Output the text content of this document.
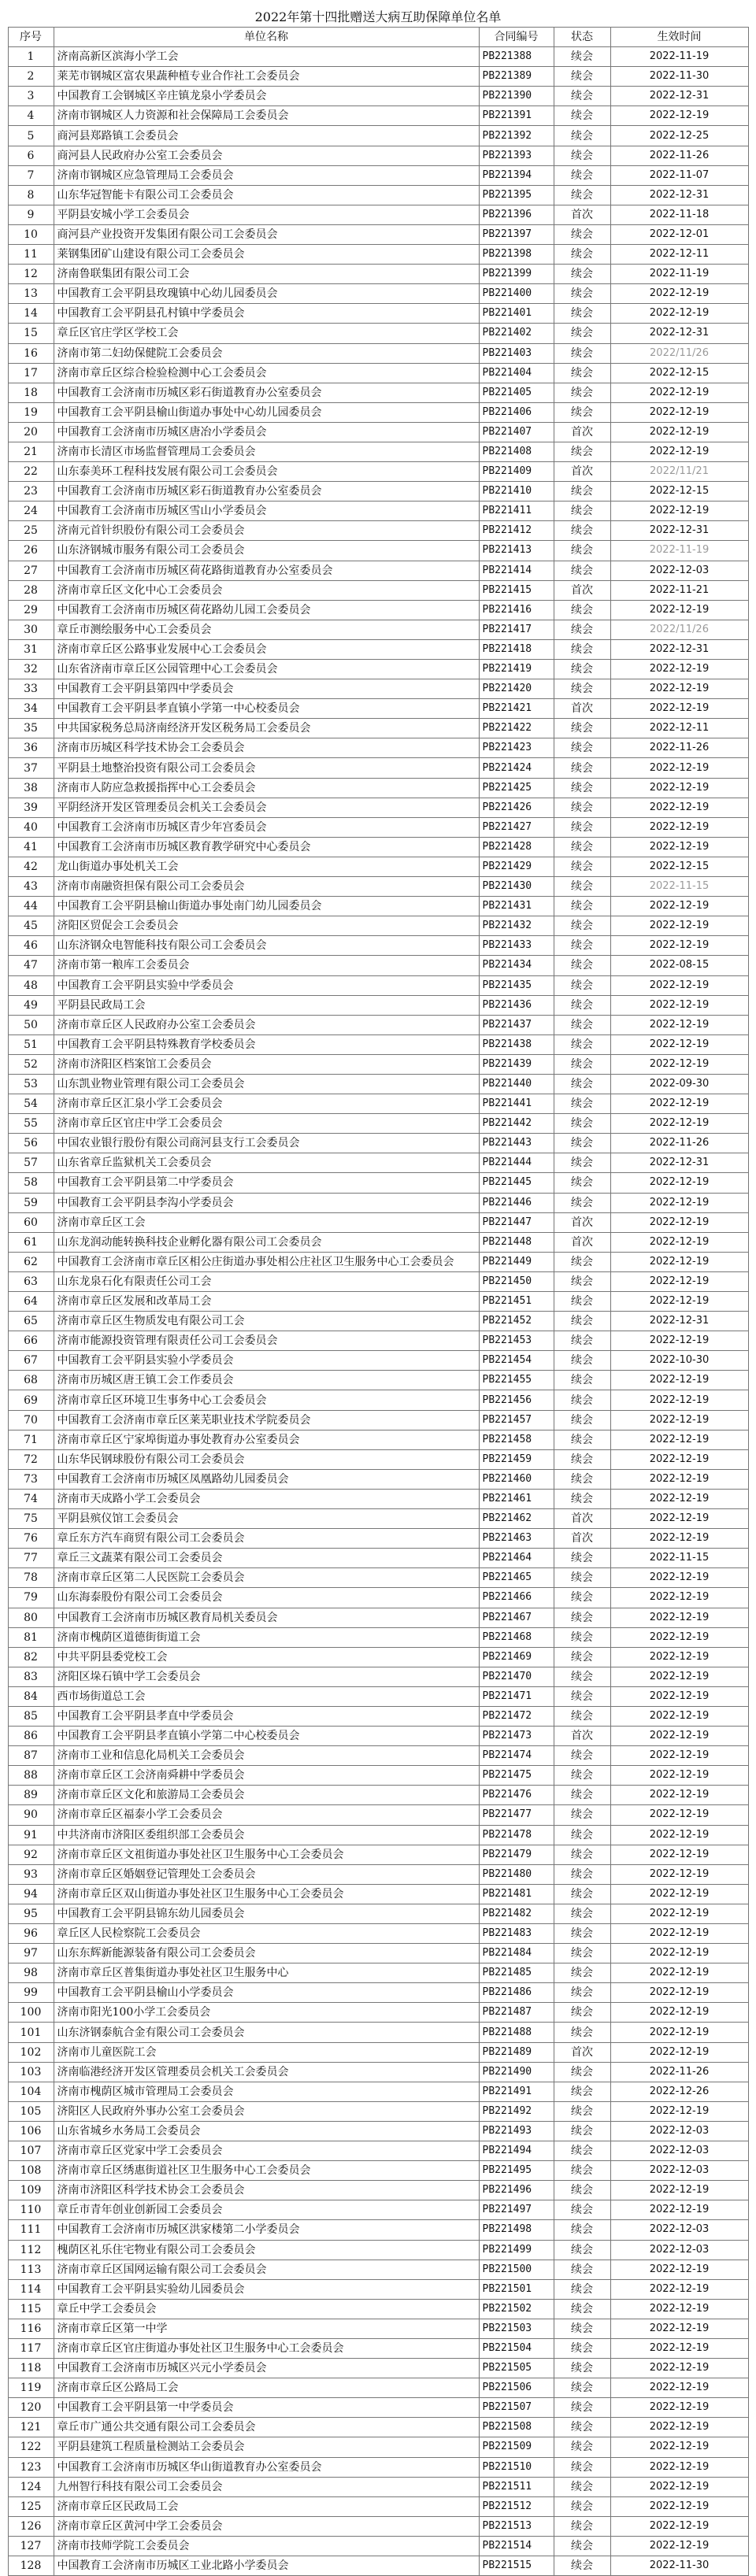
2022年第十四批赠送大病互助保障单位名单
序号	单位名称	合同编号	状态	生效时间
1	济南高新区滨海小学工会	PB221388	续会	2022-11-19
2	莱芜市钢城区富农果蔬种植专业合作社工会委员会	PB221389	续会	2022-11-30
3	中国教育工会钢城区辛庄镇龙泉小学委员会	PB221390	续会	2022-12-31
4	济南市钢城区人力资源和社会保障局工会委员会	PB221391	续会	2022-12-19
5	商河县郑路镇工会委员会	PB221392	续会	2022-12-25
6	商河县人民政府办公室工会委员会	PB221393	续会	2022-11-26
7	济南市钢城区应急管理局工会委员会	PB221394	续会	2022-11-07
8	山东华冠智能卡有限公司工会委员会	PB221395	续会	2022-12-31
9	平阴县安城小学工会委员会	PB221396	首次	2022-11-18
10	商河县产业投资开发集团有限公司工会委员会	PB221397	续会	2022-12-01
11	莱钢集团矿山建设有限公司工会委员会	PB221398	续会	2022-12-11
12	济南鲁联集团有限公司工会	PB221399	续会	2022-11-19
13	中国教育工会平阴县玫瑰镇中心幼儿园委员会	PB221400	续会	2022-12-19
14	中国教育工会平阴县孔村镇中学委员会	PB221401	续会	2022-12-19
15	章丘区官庄学区学校工会	PB221402	续会	2022-12-31
16	济南市第二妇幼保健院工会委员会	PB221403	续会	2022/11/26
17	济南市章丘区综合检验检测中心工会委员会	PB221404	续会	2022-12-15
18	中国教育工会济南市历城区彩石街道教育办公室委员会	PB221405	续会	2022-12-19
19	中国教育工会平阴县榆山街道办事处中心幼儿园委员会	PB221406	续会	2022-12-19
20	中国教育工会济南市历城区唐冶小学委员会	PB221407	首次	2022-12-19
21	济南市长清区市场监督管理局工会委员会	PB221408	续会	2022-12-19
22	山东泰美环工程科技发展有限公司工会委员会	PB221409	首次	2022/11/21
23	中国教育工会济南市历城区彩石街道教育办公室委员会	PB221410	续会	2022-12-15
24	中国教育工会济南市历城区雪山小学委员会	PB221411	续会	2022-12-19
25	济南元首针织股份有限公司工会委员会	PB221412	续会	2022-12-31
26	山东济钢城市服务有限公司工会委员会	PB221413	续会	2022-11-19
27	中国教育工会济南市历城区荷花路街道教育办公室委员会	PB221414	续会	2022-12-03
28	济南市章丘区文化中心工会委员会	PB221415	首次	2022-11-21
29	中国教育工会济南市历城区荷花路幼儿园工会委员会	PB221416	续会	2022-12-19
30	章丘市测绘服务中心工会委员会	PB221417	续会	2022/11/26
31	济南市章丘区公路事业发展中心工会委员会	PB221418	续会	2022-12-31
32	山东省济南市章丘区公园管理中心工会委员会	PB221419	续会	2022-12-19
33	中国教育工会平阴县第四中学委员会	PB221420	续会	2022-12-19
34	中国教育工会平阴县孝直镇小学第一中心校委员会	PB221421	首次	2022-12-19
35	中共国家税务总局济南经济开发区税务局工会委员会	PB221422	续会	2022-12-11
36	济南市历城区科学技术协会工会委员会	PB221423	续会	2022-11-26
37	平阴县土地整治投资有限公司工会委员会	PB221424	续会	2022-12-19
38	济南市人防应急救援指挥中心工会委员会	PB221425	续会	2022-12-19
39	平阴经济开发区管理委员会机关工会委员会	PB221426	续会	2022-12-19
40	中国教育工会济南市历城区青少年宫委员会	PB221427	续会	2022-12-19
41	中国教育工会济南市历城区教育教学研究中心委员会	PB221428	续会	2022-12-19
42	龙山街道办事处机关工会	PB221429	续会	2022-12-15
43	济南市南融资担保有限公司工会委员会	PB221430	续会	2022-11-15
44	中国教育工会平阴县榆山街道办事处南门幼儿园委员会	PB221431	续会	2022-12-19
45	济阳区贸促会工会委员会	PB221432	续会	2022-12-19
46	山东济钢众电智能科技有限公司工会委员会	PB221433	续会	2022-12-19
47	济南市第一粮库工会委员会	PB221434	续会	2022-08-15
48	中国教育工会平阴县实验中学委员会	PB221435	续会	2022-12-19
49	平阴县民政局工会	PB221436	续会	2022-12-19
50	济南市章丘区人民政府办公室工会委员会	PB221437	续会	2022-12-19
51	中国教育工会平阴县特殊教育学校委员会	PB221438	续会	2022-12-19
52	济南市济阳区档案馆工会委员会	PB221439	续会	2022-12-19
53	山东凯业物业管理有限公司工会委员会	PB221440	续会	2022-09-30
54	济南市章丘区汇泉小学工会委员会	PB221441	续会	2022-12-19
55	济南市章丘区官庄中学工会委员会	PB221442	续会	2022-12-19
56	中国农业银行股份有限公司商河县支行工会委员会	PB221443	续会	2022-11-26
57	山东省章丘监狱机关工会委员会	PB221444	续会	2022-12-31
58	中国教育工会平阴县第二中学委员会	PB221445	续会	2022-12-19
59	中国教育工会平阴县李沟小学委员会	PB221446	续会	2022-12-19
60	济南市章丘区工会	PB221447	首次	2022-12-19
61	山东龙润动能转换科技企业孵化器有限公司工会委员会	PB221448	首次	2022-12-19
62	中国教育工会济南市章丘区相公庄街道办事处相公庄社区卫生服务中心工会委员会	PB221449	续会	2022-12-19
63	山东龙泉石化有限责任公司工会	PB221450	续会	2022-12-19
64	济南市章丘区发展和改革局工会	PB221451	续会	2022-12-19
65	济南市章丘区生物质发电有限公司工会	PB221452	续会	2022-12-31
66	济南市能源投资管理有限责任公司工会委员会	PB221453	续会	2022-12-19
67	中国教育工会平阴县实验小学委员会	PB221454	续会	2022-10-30
68	济南市历城区唐王镇工会工作委员会	PB221455	续会	2022-12-19
69	济南市章丘区环境卫生事务中心工会委员会	PB221456	续会	2022-12-19
70	中国教育工会济南市章丘区莱芜职业技术学院委员会	PB221457	续会	2022-12-19
71	济南市章丘区宁家埠街道办事处教育办公室委员会	PB221458	续会	2022-12-19
72	山东华民钢球股份有限公司工会委员会	PB221459	续会	2022-12-19
73	中国教育工会济南市历城区凤凰路幼儿园委员会	PB221460	续会	2022-12-19
74	济南市天成路小学工会委员会	PB221461	续会	2022-12-19
75	平阴县殡仪馆工会委员会	PB221462	首次	2022-12-19
76	章丘东方汽车商贸有限公司工会委员会	PB221463	首次	2022-12-19
77	章丘三文蔬菜有限公司工会委员会	PB221464	续会	2022-11-15
78	济南市章丘区第二人民医院工会委员会	PB221465	续会	2022-12-19
79	山东海泰股份有限公司工会委员会	PB221466	续会	2022-12-19
80	中国教育工会济南市历城区教育局机关委员会	PB221467	续会	2022-12-19
81	济南市槐荫区道德街街道工会	PB221468	续会	2022-12-19
82	中共平阴县委党校工会	PB221469	续会	2022-12-19
83	济阳区垛石镇中学工会委员会	PB221470	续会	2022-12-19
84	西市场街道总工会	PB221471	续会	2022-12-19
85	中国教育工会平阴县孝直中学委员会	PB221472	续会	2022-12-19
86	中国教育工会平阴县孝直镇小学第二中心校委员会	PB221473	首次	2022-12-19
87	济南市工业和信息化局机关工会委员会	PB221474	续会	2022-12-19
88	济南市章丘区工会济南舜耕中学委员会	PB221475	续会	2022-12-19
89	济南市章丘区文化和旅游局工会委员会	PB221476	续会	2022-12-19
90	济南市章丘区福泰小学工会委员会	PB221477	续会	2022-12-19
91	中共济南市济阳区委组织部工会委员会	PB221478	续会	2022-12-19
92	济南市章丘区文祖街道办事处社区卫生服务中心工会委员会	PB221479	续会	2022-12-19
93	济南市章丘区婚姻登记管理处工会委员会	PB221480	续会	2022-12-19
94	济南市章丘区双山街道办事处社区卫生服务中心工会委员会	PB221481	续会	2022-12-19
95	中国教育工会平阴县锦东幼儿园委员会	PB221482	续会	2022-12-19
96	章丘区人民检察院工会委员会	PB221483	续会	2022-12-19
97	山东东辉新能源装备有限公司工会委员会	PB221484	续会	2022-12-19
98	济南市章丘区普集街道办事处社区卫生服务中心	PB221485	续会	2022-12-19
99	中国教育工会平阴县榆山小学委员会	PB221486	续会	2022-12-19
100	济南市阳光100小学工会委员会	PB221487	续会	2022-12-19
101	山东济钢泰航合金有限公司工会委员会	PB221488	续会	2022-12-19
102	济南市儿童医院工会	PB221489	首次	2022-12-19
103	济南临港经济开发区管理委员会机关工会委员会	PB221490	续会	2022-11-26
104	济南市槐荫区城市管理局工会委员会	PB221491	续会	2022-12-26
105	济阳区人民政府外事办公室工会委员会	PB221492	续会	2022-12-19
106	山东省城乡水务局工会委员会	PB221493	续会	2022-12-03
107	济南市章丘区党家中学工会委员会	PB221494	续会	2022-12-03
108	济南市章丘区绣惠街道社区卫生服务中心工会委员会	PB221495	续会	2022-12-03
109	济南市济阳区科学技术协会工会委员会	PB221496	续会	2022-12-19
110	章丘市青年创业创新园工会委员会	PB221497	续会	2022-12-19
111	中国教育工会济南市历城区洪家楼第二小学委员会	PB221498	续会	2022-12-03
112	槐荫区礼乐住宅物业有限公司工会委员会	PB221499	续会	2022-12-03
113	济南市章丘区国网运输有限公司工会委员会	PB221500	续会	2022-12-19
114	中国教育工会平阴县实验幼儿园委员会	PB221501	续会	2022-12-19
115	章丘中学工会委员会	PB221502	续会	2022-12-19
116	济南市章丘区第一中学	PB221503	续会	2022-12-19
117	济南市章丘区官庄街道办事处社区卫生服务中心工会委员会	PB221504	续会	2022-12-19
118	中国教育工会济南市历城区兴元小学委员会	PB221505	续会	2022-12-19
119	济南市章丘区公路局工会	PB221506	续会	2022-12-19
120	中国教育工会平阴县第一中学委员会	PB221507	续会	2022-12-19
121	章丘市广通公共交通有限公司工会委员会	PB221508	续会	2022-12-19
122	平阴县建筑工程质量检测站工会委员会	PB221509	续会	2022-12-19
123	中国教育工会济南市历城区华山街道教育办公室委员会	PB221510	续会	2022-12-19
124	九州智行科技有限公司工会委员会	PB221511	续会	2022-12-19
125	济南市章丘区民政局工会	PB221512	续会	2022-12-19
126	济南市章丘区黄河中学工会委员会	PB221513	续会	2022-12-19
127	济南市技师学院工会委员会	PB221514	续会	2022-12-19
128	中国教育工会济南市历城区工业北路小学委员会	PB221515	续会	2022-11-30
